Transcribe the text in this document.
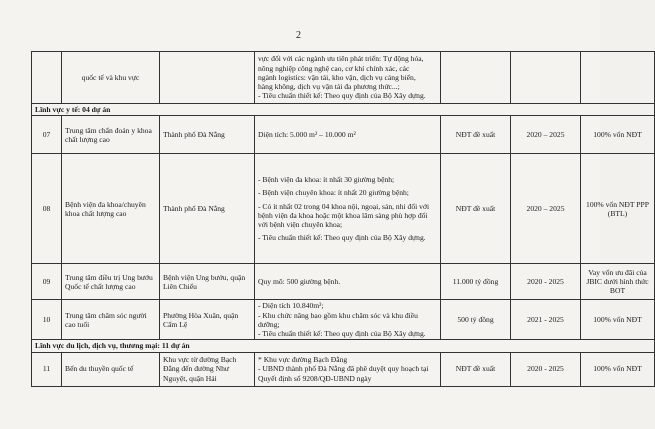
2
	quốc tế và khu vực		vực đối với các ngành ưu tiên phát triển: Tự động hóa,
nông nghiệp công nghệ cao, cơ khí chính xác, các
ngành logistics: vận tải, kho vận, dịch vụ cảng biển,
hàng không, dịch vụ vận tải đa phương thức...;
- Tiêu chuẩn thiết kế: Theo quy định của Bộ Xây dựng.			

Lĩnh vực y tế: 04 dự án						
07	Trung tâm chẩn đoán y khoa chất lượng cao	Thành phố Đà Nẵng	Diện tích: 5.000 m² – 10.000 m²	NĐT đề xuất	2020 – 2025	100% vốn NĐT
08	Bệnh viện đa khoa/chuyên khoa chất lượng cao	Thành phố Đà Nẵng	- Bệnh viện đa khoa: ít nhất 30 giường bệnh;
- Bệnh viện chuyên khoa: ít nhất 20 giường bệnh;
- Có ít nhất 02 trong 04 khoa nội, ngoại, sản, nhi đối với bệnh viện đa khoa hoặc một khoa lâm sàng phù hợp đối với bệnh viện chuyên khoa;
- Tiêu chuẩn thiết kế: Theo quy định của Bộ Xây dựng.	NĐT đề xuất	2020 – 2025	100% vốn NĐT PPP (BTL)
09	Trung tâm điều trị Ung bướu Quốc tế chất lượng cao	Bệnh viện Ung bướu, quận Liên Chiểu	Quy mô: 500 giường bệnh.	11.000 tỷ đồng	2020 - 2025	Vay vốn ưu đãi của JBIC dưới hình thức BOT
10	Trung tâm chăm sóc người cao tuổi	Phường Hòa Xuân, quận Cẩm Lệ	- Diện tích 10.840m²;
- Khu chức năng bao gồm khu chăm sóc và khu điều dưỡng;
- Tiêu chuẩn thiết kế: Theo quy định của Bộ Xây dựng.	500 tỷ đồng	2021 - 2025	100% vốn NĐT
Lĩnh vực du lịch, dịch vụ, thương mại: 11 dự án						
11	Bến du thuyền quốc tế	Khu vực từ đường Bạch Đằng đến đường Như Nguyệt, quận Hải	* Khu vực đường Bạch Đằng
- UBND thành phố Đà Nẵng đã phê duyệt quy hoạch tại Quyết định số 9208/QĐ-UBND ngày	NĐT đề xuất	2020 - 2025	100% vốn NĐT
